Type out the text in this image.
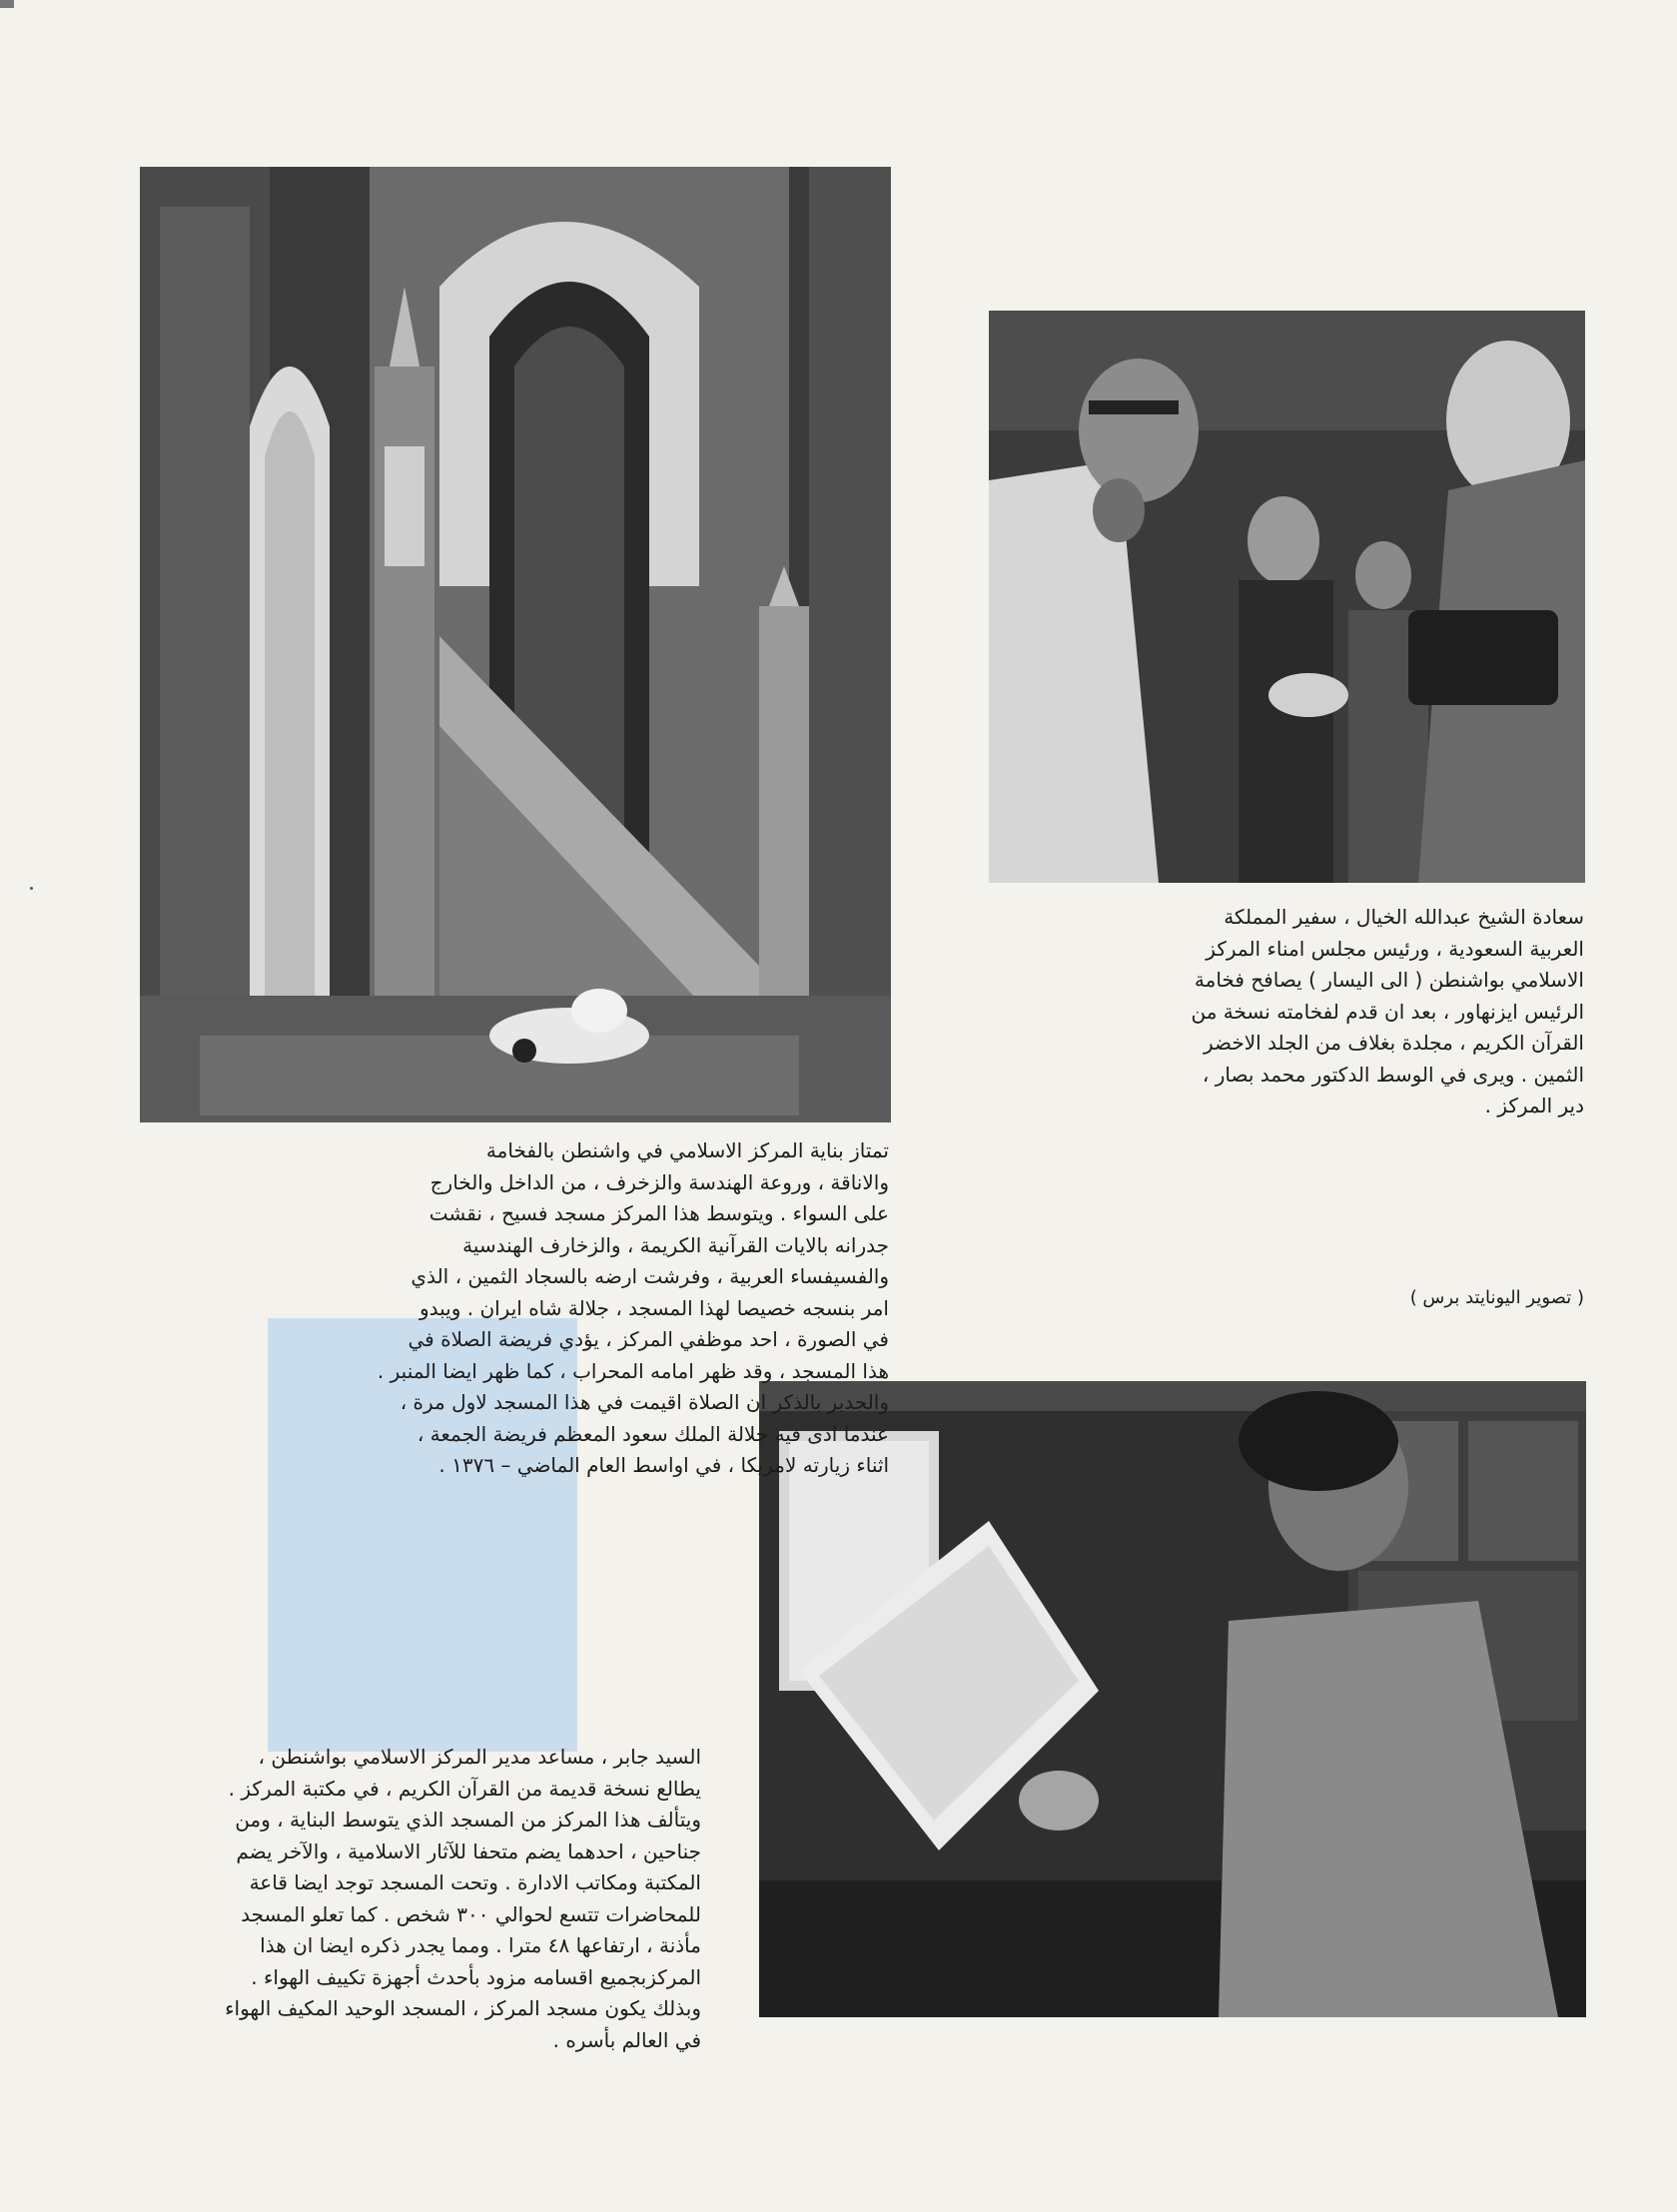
تمتاز بناية المركز الاسلامي في واشنطن بالفخامة
والاناقة ، وروعة الهندسة والزخرف ، من الداخل والخارج
على السواء . ويتوسط هذا المركز مسجد فسيح ، نقشت
جدرانه بالايات القرآنية الكريمة ، والزخارف الهندسية
والفسيفساء العربية ، وفرشت ارضه بالسجاد الثمين ، الذي
امر بنسجه خصيصا لهذا المسجد ، جلالة شاه ايران . ويبدو
في الصورة ، احد موظفي المركز ، يؤدي فريضة الصلاة في
هذا المسجد ، وقد ظهر امامه المحراب ، كما ظهر ايضا المنبر .
والجدير بالذكر ان الصلاة اقيمت في هذا المسجد لاول مرة ،
عندما ادى فيه جلالة الملك سعود المعظم فريضة الجمعة ،
اثناء زيارته لامريكا ، في اواسط العام الماضي – ١٣٧٦ .

سعادة الشيخ عبدالله الخيال ، سفير المملكة
العربية السعودية ، ورئيس مجلس امناء المركز
الاسلامي بواشنطن ( الى اليسار ) يصافح فخامة
الرئيس ايزنهاور ، بعد ان قدم لفخامته نسخة من
القرآن الكريم ، مجلدة بغلاف من الجلد الاخضر
الثمين . ويرى في الوسط الدكتور محمد بصار ،
دير المركز .

( تصوير اليونايتد برس )

السيد جابر ، مساعد مدير المركز الاسلامي بواشنطن ،
يطالع نسخة قديمة من القرآن الكريم ، في مكتبة المركز .
ويتألف هذا المركز من المسجد الذي يتوسط البناية ، ومن
جناحين ، احدهما يضم متحفا للآثار الاسلامية ، والآخر يضم
المكتبة ومكاتب الادارة . وتحت المسجد توجد ايضا قاعة
للمحاضرات تتسع لحوالي ٣٠٠ شخص . كما تعلو المسجد
مأذنة ، ارتفاعها ٤٨ مترا . ومما يجدر ذكره ايضا ان هذا
المركزبجميع اقسامه مزود بأحدث أجهزة تكييف الهواء .
وبذلك يكون مسجد المركز ، المسجد الوحيد المكيف الهواء
في العالم بأسره .
